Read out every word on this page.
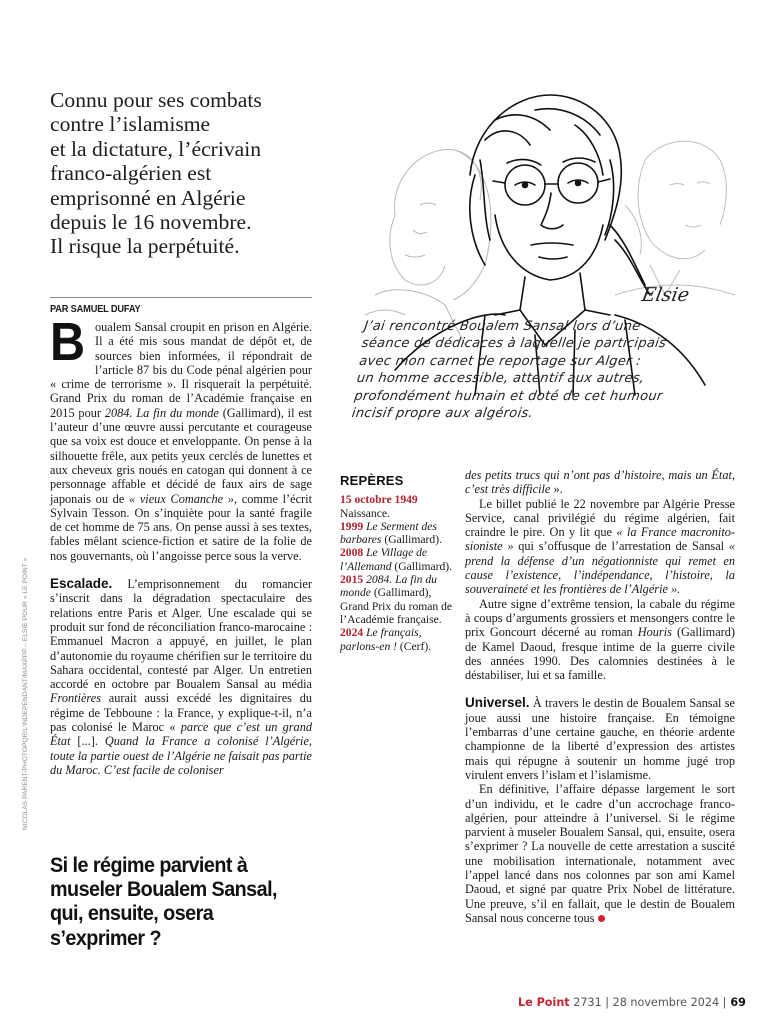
Connu pour ses combats
contre l’islamisme
et la dictature, l’écrivain
franco-algérien est
emprisonné en Algérie
depuis le 16 novembre.
Il risque la perpétuité.
PAR SAMUEL DUFAY

Boualem Sansal croupit en prison en Algérie. Il a été mis sous mandat de dépôt et, de sources bien informées, il répondrait de l’article 87 bis du Code pénal algérien pour « crime de terrorisme ». Il risquerait la perpétuité. Grand Prix du roman de l’Académie française en 2015 pour 2084. La fin du monde (Gallimard), il est l’auteur d’une œuvre aussi percutante et courageuse que sa voix est douce et enveloppante. On pense à la silhouette frêle, aux petits yeux cerclés de lunettes et aux cheveux gris noués en catogan qui donnent à ce personnage affable et décidé de faux airs de sage japonais ou de « vieux Comanche », comme l’écrit Sylvain Tesson. On s’inquiète pour la santé fragile de cet homme de 75 ans. On pense aussi à ses textes, fables mêlant science-fiction et satire de la folie de nos gouvernants, où l’angoisse perce sous la verve.

Escalade. L’emprisonnement du romancier s’inscrit dans la dégradation spectaculaire des relations entre Paris et Alger. Une escalade qui se produit sur fond de réconciliation franco-marocaine : Emmanuel Macron a appuyé, en juillet, le plan d’autonomie du royaume chérifien sur le territoire du Sahara occidental, contesté par Alger. Un entretien accordé en octobre par Boualem Sansal au média Frontières aurait aussi excédé les dignitaires du régime de Tebboune : la France, y explique-t-il, n’a pas colonisé le Maroc « parce que c’est un grand État [...]. Quand la France a colonisé l’Algérie, toute la partie ouest de l’Algérie ne faisait pas partie du Maroc. C’est facile de coloniser

Si le régime parvient à
museler Boualem Sansal,
qui, ensuite, osera
s’exprimer ?
NICOLAS PARENT/PHOTOPQR/L’INDEPENDANT/MAXPPP – ELSIE POUR « LE POINT »
Elsie
J’ai rencontré Boualem Sansal lors d’une
séance de dédicaces à laquelle je participais
avec mon carnet de reportage sur Alger :
un homme accessible, attentif aux autres,
profondément humain et doté de cet humour
incisif propre aux algérois.
REPÈRES

15 octobre 1949
Naissance.

1999 Le Serment des barbares (Gallimard).

2008 Le Village de l’Allemand (Gallimard).

2015 2084. La fin du monde (Gallimard), Grand Prix du roman de l’Académie française.

2024 Le français, parlons-en ! (Cerf).

des petits trucs qui n’ont pas d’histoire, mais un État, c’est très difficile ».

Le billet publié le 22 novembre par Algérie Presse Service, canal privilégié du régime algérien, fait craindre le pire. On y lit que « la France macronito-sioniste » qui s’offusque de l’arrestation de Sansal « prend la défense d’un négationniste qui remet en cause l’existence, l’indépendance, l’histoire, la souveraineté et les frontières de l’Algérie ».

Autre signe d’extrême tension, la cabale du régime à coups d’arguments grossiers et mensongers contre le prix Goncourt décerné au roman Houris (Gallimard) de Kamel Daoud, fresque intime de la guerre civile des années 1990. Des calomnies destinées à le déstabiliser, lui et sa famille.

Universel. À travers le destin de Boualem Sansal se joue aussi une histoire française. En témoigne l’embarras d’une certaine gauche, en théorie ardente championne de la liberté d’expression des artistes mais qui répugne à soutenir un homme jugé trop virulent envers l’islam et l’islamisme.

En définitive, l’affaire dépasse largement le sort d’un individu, et le cadre d’un accrochage franco-algérien, pour atteindre à l’universel. Si le régime parvient à museler Boualem Sansal, qui, ensuite, osera s’exprimer ? La nouvelle de cette arrestation a suscité une mobilisation internationale, notamment avec l’appel lancé dans nos colonnes par son ami Kamel Daoud, et signé par quatre Prix Nobel de littérature. Une preuve, s’il en fallait, que le destin de Boualem Sansal nous concerne tous

Le Point 2731 | 28 novembre 2024 | 69
